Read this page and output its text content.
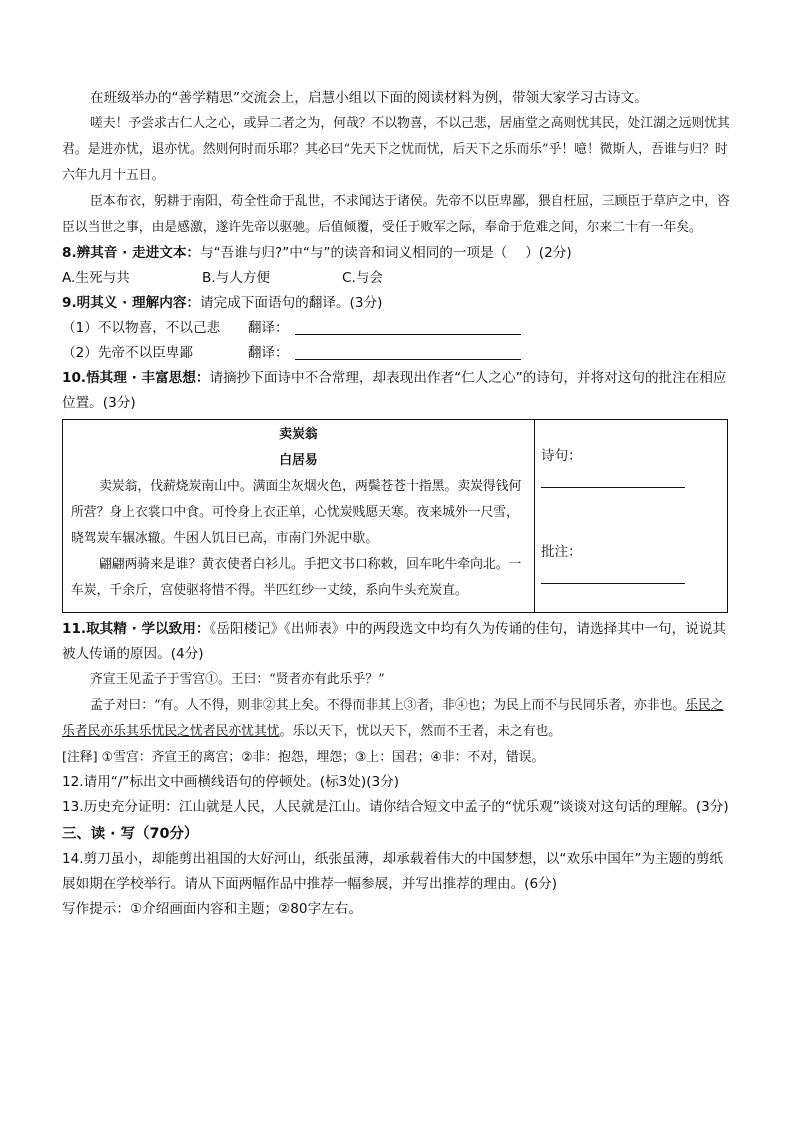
在班级举办的“善学精思”交流会上，启慧小组以下面的阅读材料为例，带领大家学习古诗文。

嗟夫！予尝求古仁人之心，或异二者之为，何哉？不以物喜，不以己悲，居庙堂之高则忧其民，处江湖之远则忧其君。是进亦忧，退亦忧。然则何时而乐耶？其必曰“先天下之忧而忧，后天下之乐而乐”乎！噫！微斯人，吾谁与归？时六年九月十五日。

臣本布衣，躬耕于南阳，苟全性命于乱世，不求闻达于诸侯。先帝不以臣卑鄙，猥自枉屈，三顾臣于草庐之中，咨臣以当世之事，由是感激，遂许先帝以驱驰。后值倾覆，受任于败军之际，奉命于危难之间，尔来二十有一年矣。

8.辨其音 · 走进文本：与“吾谁与归?”中“与”的读音和词义相同的一项是（　 ）(2分)

A.生死与共	B.与人方便	C.与会

9.明其义 · 理解内容：请完成下面语句的翻译。(3分)

（1）不以物喜，不以己悲 翻译：

（2）先帝不以臣卑鄙	翻译：

10.悟其理 · 丰富思想：请摘抄下面诗中不合常理，却表现出作者“仁人之心”的诗句，并将对这句的批注在相应位置。(3分)

卖炭翁
白居易
卖炭翁，伐薪烧炭南山中。满面尘灰烟火色，两鬓苍苍十指黑。卖炭得钱何所营？身上衣裳口中食。可怜身上衣正单，心忧炭贱愿天寒。夜来城外一尺雪，晓驾炭车辗冰辙。牛困人饥日已高，市南门外泥中歇。
翩翩两骑来是谁？黄衣使者白衫儿。手把文书口称敕，回车叱牛牵向北。一车炭，千余斤，宫使驱将惜不得。半匹红纱一丈绫，系向牛头充炭直。
	诗句：
批注：

11.取其精 · 学以致用：《岳阳楼记》《出师表》中的两段选文中均有久为传诵的佳句，请选择其中一句，说说其被人传诵的原因。(4分)

齐宣王见孟子于雪宫①。王曰：“贤者亦有此乐乎？”

孟子对曰：“有。人不得，则非②其上矣。不得而非其上③者，非④也；为民上而不与民同乐者，亦非也。乐民之乐者民亦乐其乐忧民之忧者民亦忧其忧。乐以天下，忧以天下，然而不王者，未之有也。

[注释] ①雪宫：齐宣王的离宫；②非：抱怨，埋怨；③上：国君；④非：不对，错误。

12.请用“/”标出文中画横线语句的停顿处。(标3处)(3分)

13.历史充分证明：江山就是人民，人民就是江山。请你结合短文中孟子的“忧乐观”谈谈对这句话的理解。(3分)

三、读 · 写（70分）

14.剪刀虽小，却能剪出祖国的大好河山，纸张虽薄，却承载着伟大的中国梦想，以“欢乐中国年”为主题的剪纸展如期在学校举行。请从下面两幅作品中推荐一幅参展，并写出推荐的理由。(6分)

写作提示：①介绍画面内容和主题；②80字左右。
